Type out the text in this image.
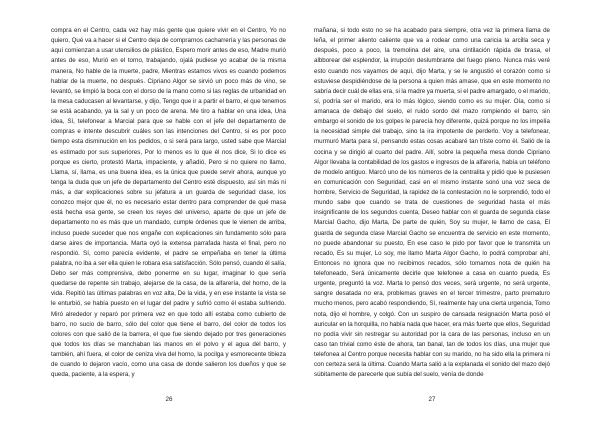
compra en el Centro, cada vez hay más gente que quiere vivir en el Centro, Yo no quiero, Qué va a hacer si el Centro deja de comprarnos cacharrería y las personas de aquí comienzan a usar utensilios de plástico, Espero morir antes de eso, Madre murió antes de eso, Murió en el torno, trabajando, ojalá pudiese yo acabar de la misma manera, No hable de la muerte, padre, Mientras estamos vivos es cuando podemos hablar de la muerte, no después. Cipriano Algor se sirvió un poco más de vino, se levantó, se limpió la boca con el dorso de la mano como si las reglas de urbanidad en la mesa caducasen al levantarse, y dijo, Tengo que ir a partir el barro, el que tenemos se está acabando, ya la sal y un poco de arena. Me tiro a hablar en una idea, Una idea, Sí, telefonear a Marcial para que se hable con el jefe del departamento de compras e intente descubrir cuáles son las intenciones del Centro, si es por poco tiempo esta disminución en los pedidos, o si será para largo, usted sabe que Marcial es estimado por sus superiores, Por lo menos es lo que él nos dice, Si lo dice es porque es cierto, protestó Marta, impaciente, y añadió, Pero si no quiere no llamo, Llama, sí, llama, es una buena idea, es la única que puede servir ahora, aunque yo tenga la duda que un jefe de departamento del Centro esté dispuesto, así sin más ni más, a dar explicaciones sobre su jefatura a un guarda de seguridad clase, los conozco mejor que él, no es necesario estar dentro para comprender de qué masa está hecha esa gente, se creen los reyes del universo, aparte de que un jefe de departamento no es más que un mandado, cumple órdenes que le vienen de arriba, incluso puede suceder que nos engañe con explicaciones sin fundamento sólo para darse aires de importancia. Marta oyó la extensa parrafada hasta el final, pero no respondió. Sí, como parecía evidente, el padre se empeñaba en tener la última palabra, no iba a ser ella quien le robara esa satisfacción. Sólo pensó, cuando él salía, Debo ser más comprensiva, debo ponerme en su lugar, imaginar lo que sería quedarse de repente sin trabajo, alejarse de la casa, de la alfarería, del horno, de la vida. Repitió las últimas palabras en voz alta, De la vida, y en ese instante la vista se le enturbió, se había puesto en el lugar del padre y sufrió como él estaba sufriendo. Miró alrededor y reparó por primera vez en que todo allí estaba como cubierto de barro, no sucio de barro, sólo del color que tiene el barro, del color de todos los colores con que salió de la barrera, el que fue siendo dejado por tres generaciones que todos los días se manchaban las manos en el polvo y el agua del barro, y también, ahí fuera, el color de ceniza viva del horno, la pocilga y esmorecente tibieza de cuando lo dejaron vacío, como una casa de donde salieron los dueños y que se queda, paciente, a la espera, y

26

mañana, si todo esto no se ha acabado para siempre, otra vez la primera llama de leña, el primer aliento caliente que va a rodear como una caricia la arcilla seca y después, poco a poco, la tremolina del aire, una cintilación rápida de brasa, el albborear del esplendor, la irrupción deslumbrante del fuego pleno. Nunca más veré esto cuando nos vayamos de aquí, dijo Marta, y se le angustió el corazón como si estuviese despidiéndose de la persona a quien más amase, que en este momento no sabría decir cuál de ellas era, si la madre ya muerta, si el padre amargado, o el marido, sí, podría ser el marido, era lo más lógico, siendo como es su mujer. Oía, como si amanaca de debajo del suelo, el ruido sordo del mazo rompiendo el barro, sin embargo el sonido de los golpes le parecía hoy diferente, quizá porque no los impelía la necesidad simple del trabajo, sino la ira impotente de perderlo. Voy a telefonear, murmuró Marta para sí, pensando estas cosas acabaré tan triste como él. Salió de la cocina y se dirigió al cuarto del padre. Allí, sobre la pequeña mesa donde Cipriano Algor llevaba la contabilidad de los gastos e ingresos de la alfarería, había un teléfono de modelo antiguo. Marcó uno de los números de la centralita y pidió que le pusiesen en comunicación con Seguridad, casi en el mismo instante sonó una voz seca de hombre, Servicio de Seguridad, la rapidez de la contestación no le sorprendió, todo el mundo sabe que cuando se trata de cuestiones de seguridad hasta el más insignificante de los segundos cuenta, Deseo hablar con el guarda de segunda clase Marcial Gacho, dijo Marta, De parte de quién, Soy su mujer, le llamo de casa, El guarda de segunda clase Marcial Gacho se encuentra de servicio en este momento, no puede abandonar su puesto, En ese caso le pido por favor que le transmita un recado, Es su mujer, Lo soy, me llamo Marta Algor Gacho, lo podrá comprobar ahí, Entonces no ignora que no recibimos recados, sólo tomamos nota de quién ha telefoneado, Será únicamente decirle que telefonee a casa en cuanto pueda, Es urgente, preguntó la voz. Marta lo pensó dos veces, será urgente, no será urgente, sangre desatada no era, problemas graves en el tercer trimestre, parto prematuro mucho menos, pero acabó respondiendo, Sí, realmente hay una cierta urgencia, Tomo nota, dijo el hombre, y colgó. Con un suspiro de cansada resignación Marta posó el auricular en la horquilla, no había nada que hacer, era más fuerte que ellos, Seguridad no podía vivir sin restregar su autoridad por la cara de las personas, incluso en un caso tan trivial como éste de ahora, tan banal, tan de todos los días, una mujer que telefonea al Centro porque necesita hablar con su marido, no ha sido ella la primera ni con certeza será la última. Cuando Marta salió a la explanada el sonido del mazo dejó súbitamente de parecerle que subía del suelo, venía de donde

27
